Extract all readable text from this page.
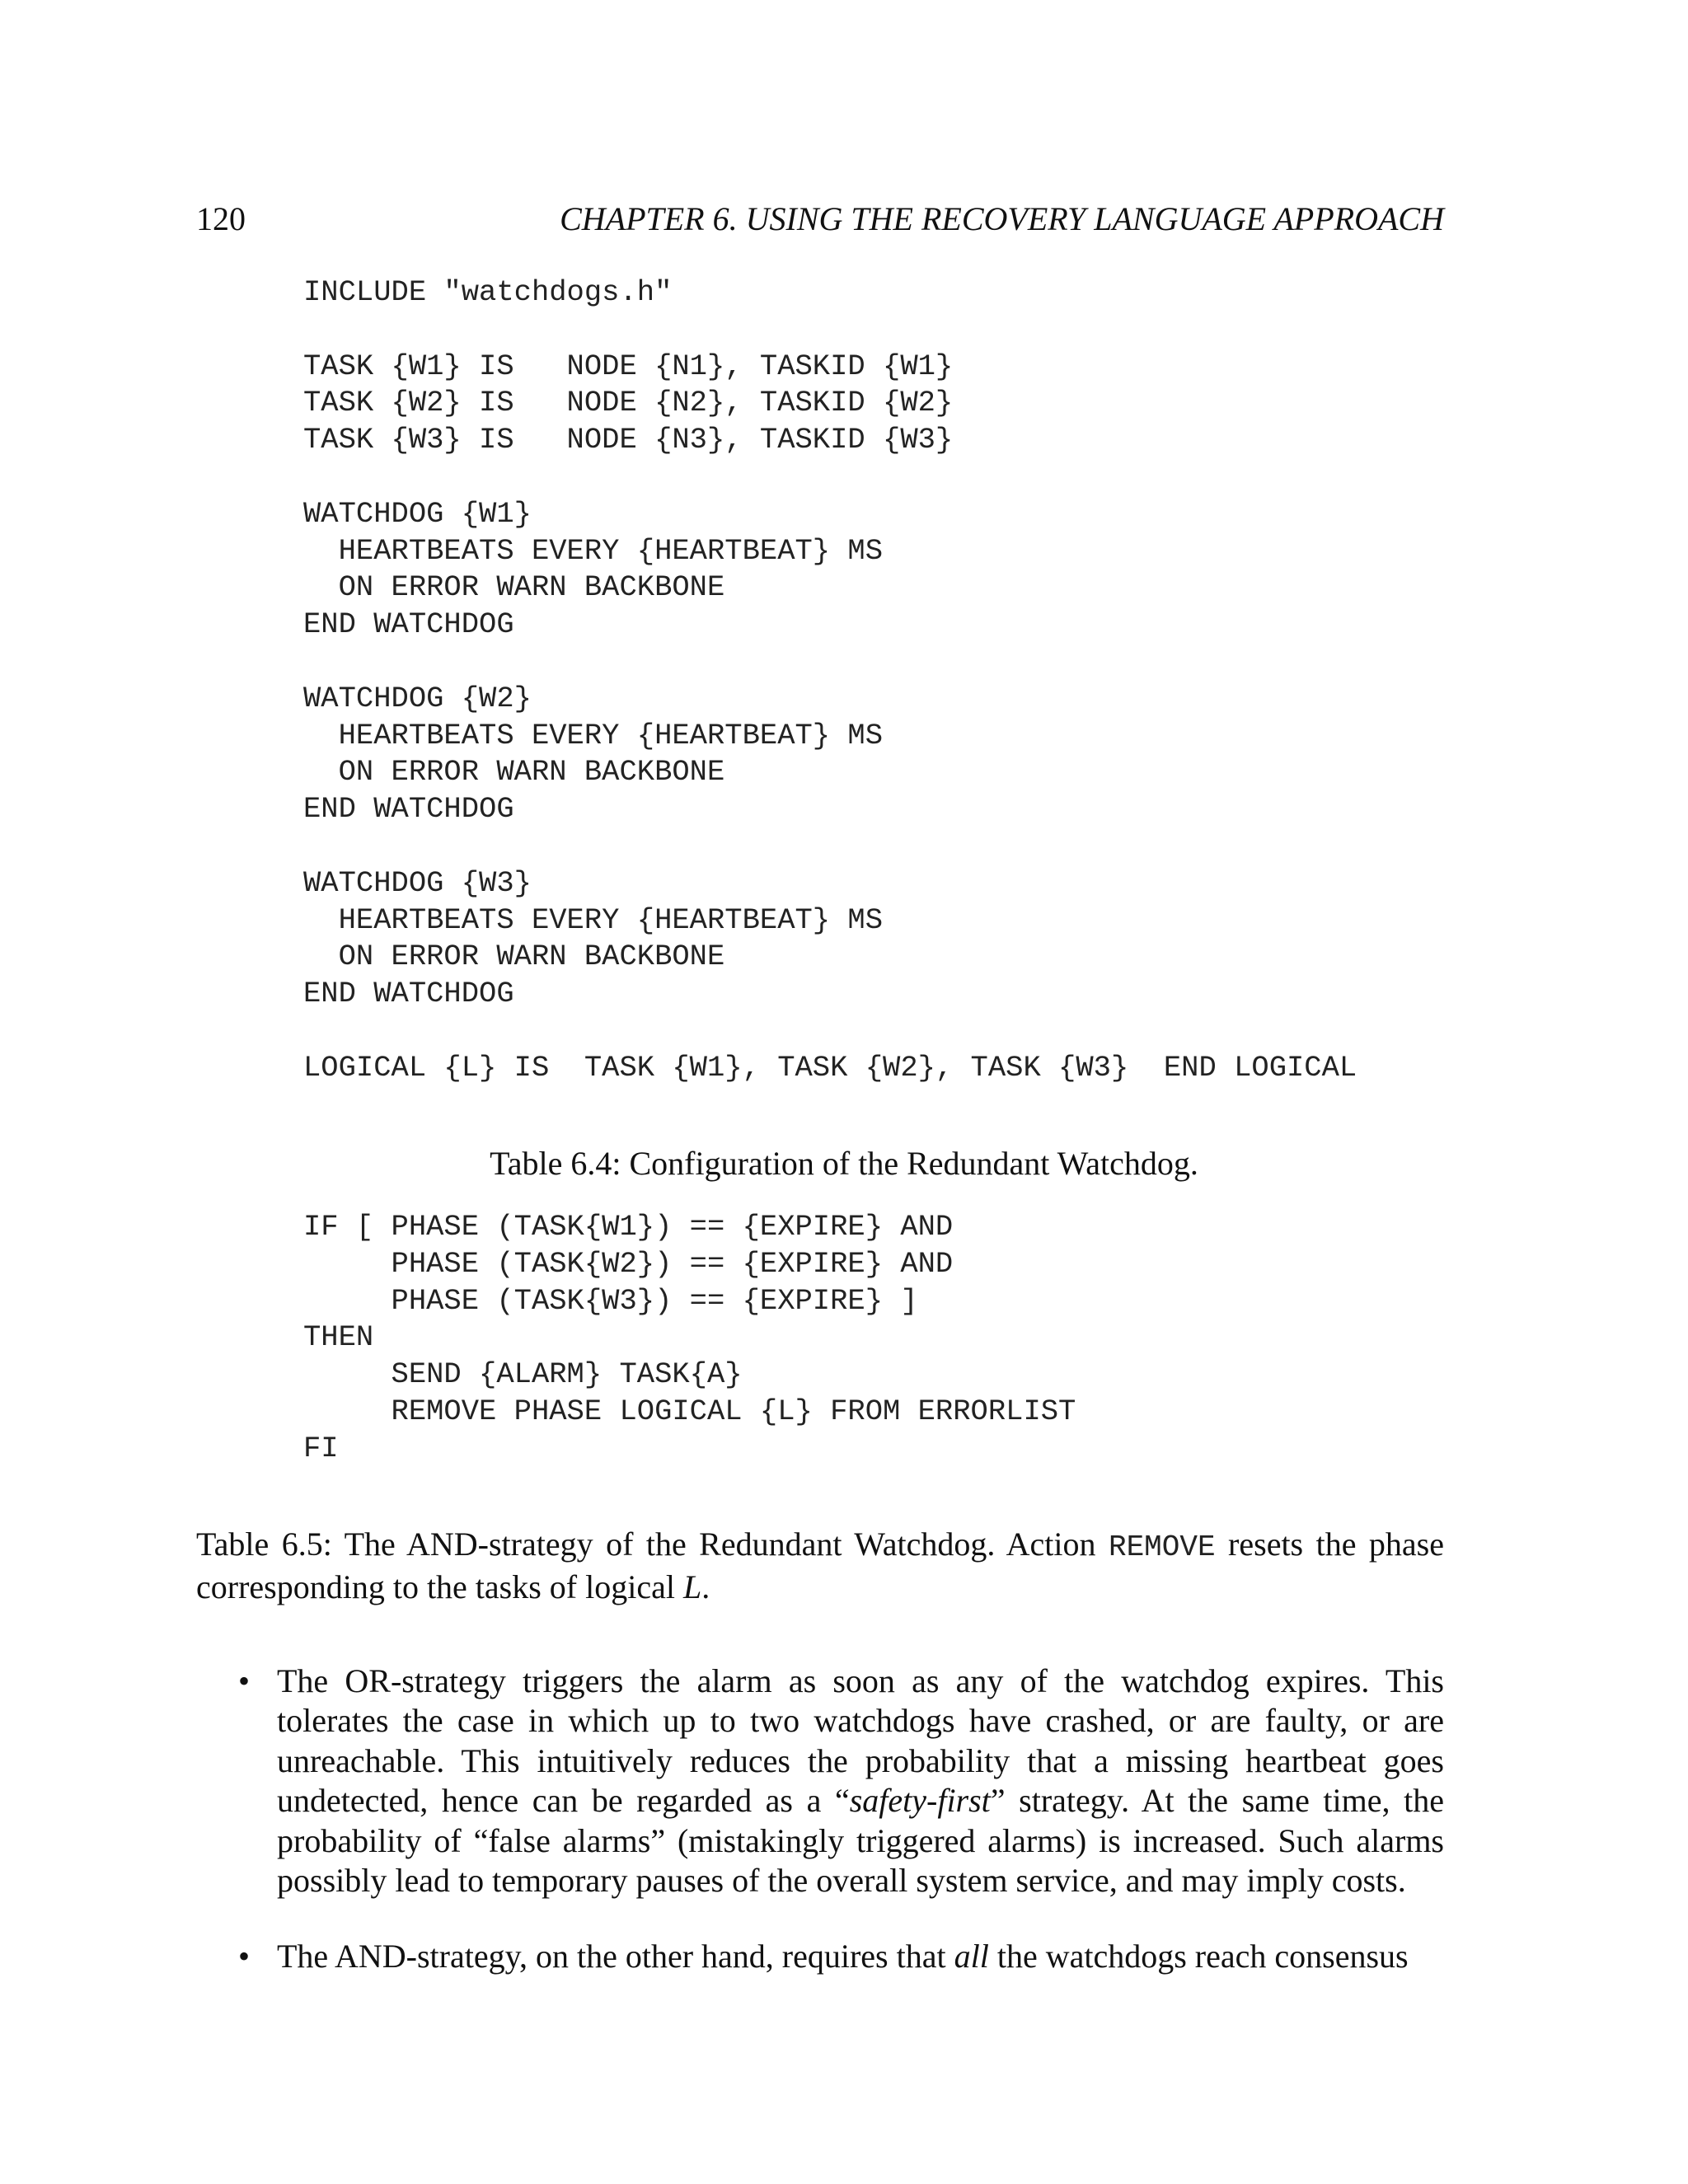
120	CHAPTER 6. USING THE RECOVERY LANGUAGE APPROACH
INCLUDE "watchdogs.h"

TASK {W1} IS   NODE {N1}, TASKID {W1}
TASK {W2} IS   NODE {N2}, TASKID {W2}
TASK {W3} IS   NODE {N3}, TASKID {W3}

WATCHDOG {W1}
HEARTBEATS EVERY {HEARTBEAT} MS
ON ERROR WARN BACKBONE
END WATCHDOG

WATCHDOG {W2}
HEARTBEATS EVERY {HEARTBEAT} MS
ON ERROR WARN BACKBONE
END WATCHDOG

WATCHDOG {W3}
HEARTBEATS EVERY {HEARTBEAT} MS
ON ERROR WARN BACKBONE
END WATCHDOG

LOGICAL {L} IS  TASK {W1}, TASK {W2}, TASK {W3}  END LOGICAL
Table 6.4: Configuration of the Redundant Watchdog.
IF [ PHASE (TASK{W1}) == {EXPIRE} AND
PHASE (TASK{W2}) == {EXPIRE} AND
PHASE (TASK{W3}) == {EXPIRE} ]
THEN
SEND {ALARM} TASK{A}
REMOVE PHASE LOGICAL {L} FROM ERRORLIST
FI
Table 6.5: The AND-strategy of the Redundant Watchdog. Action REMOVE resets the phase corresponding to the tasks of logical L.
• The OR-strategy triggers the alarm as soon as any of the watchdog expires. This tolerates the case in which up to two watchdogs have crashed, or are faulty, or are unreachable. This intuitively reduces the probability that a missing heartbeat goes undetected, hence can be regarded as a “safety-first” strategy. At the same time, the probability of “false alarms” (mistakingly triggered alarms) is increased. Such alarms possibly lead to temporary pauses of the overall system service, and may imply costs.
• The AND-strategy, on the other hand, requires that all the watchdogs reach consensus
